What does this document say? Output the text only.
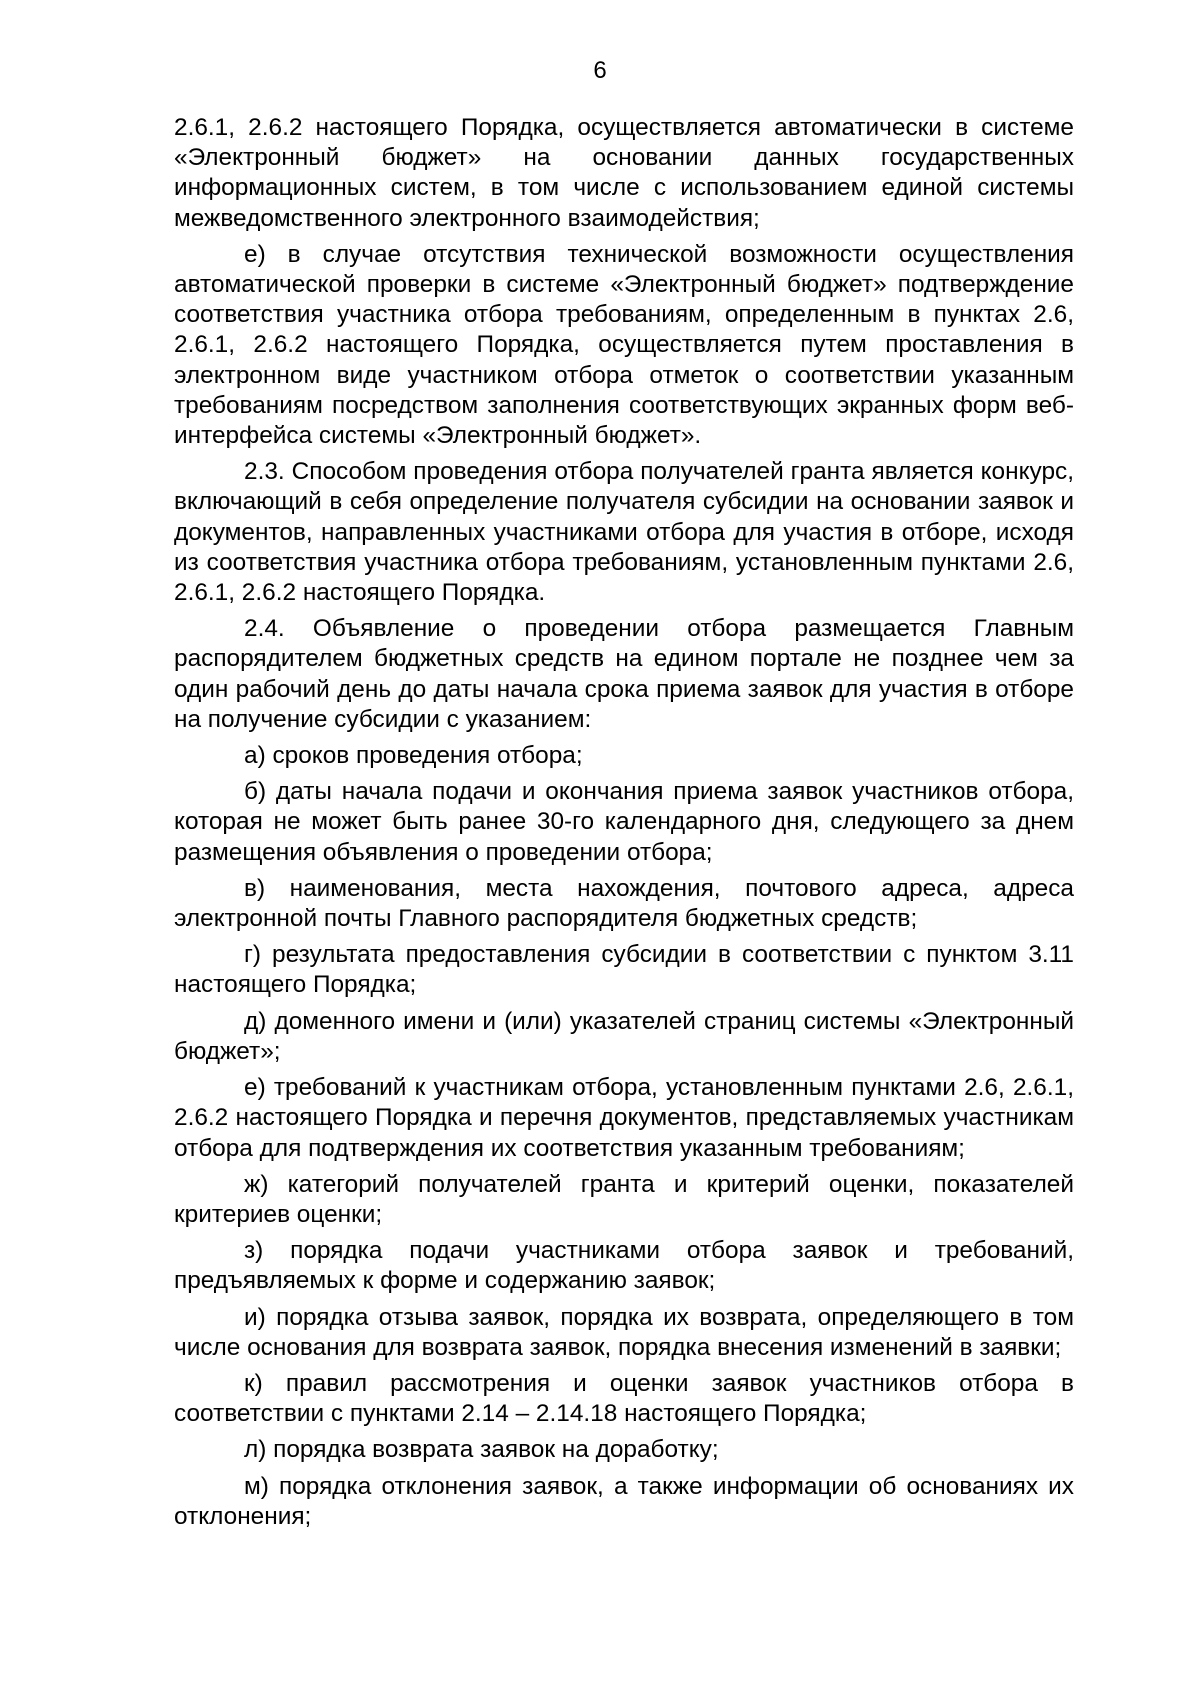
6

2.6.1, 2.6.2 настоящего Порядка, осуществляется автоматически в системе «Электронный бюджет» на основании данных государственных информационных систем, в том числе с использованием единой системы межведомственного электронного взаимодействия;

е) в случае отсутствия технической возможности осуществления автоматической проверки в системе «Электронный бюджет» подтверждение соответствия участника отбора требованиям, определенным в пунктах 2.6, 2.6.1, 2.6.2 настоящего Порядка, осуществляется путем проставления в электронном виде участником отбора отметок о соответствии указанным требованиям посредством заполнения соответствующих экранных форм веб-интерфейса системы «Электронный бюджет».

2.3. Способом проведения отбора получателей гранта является конкурс, включающий в себя определение получателя субсидии на основании заявок и документов, направленных участниками отбора для участия в отборе, исходя из соответствия участника отбора требованиям, установленным пунктами 2.6, 2.6.1, 2.6.2 настоящего Порядка.

2.4. Объявление о проведении отбора размещается Главным распорядителем бюджетных средств на едином портале не позднее чем за один рабочий день до даты начала срока приема заявок для участия в отборе на получение субсидии с указанием:

а) сроков проведения отбора;

б) даты начала подачи и окончания приема заявок участников отбора, которая не может быть ранее 30-го календарного дня, следующего за днем размещения объявления о проведении отбора;

в) наименования, места нахождения, почтового адреса, адреса электронной почты Главного распорядителя бюджетных средств;

г) результата предоставления субсидии в соответствии с пунктом 3.11 настоящего Порядка;

д) доменного имени и (или) указателей страниц системы «Электронный бюджет»;

е) требований к участникам отбора, установленным пунктами 2.6, 2.6.1, 2.6.2 настоящего Порядка и перечня документов, представляемых участникам отбора для подтверждения их соответствия указанным требованиям;

ж) категорий получателей гранта и критерий оценки, показателей критериев оценки;

з) порядка подачи участниками отбора заявок и требований, предъявляемых к форме и содержанию заявок;

и) порядка отзыва заявок, порядка их возврата, определяющего в том числе основания для возврата заявок, порядка внесения изменений в заявки;

к) правил рассмотрения и оценки заявок участников отбора в соответствии с пунктами 2.14 – 2.14.18 настоящего Порядка;

л) порядка возврата заявок на доработку;

м) порядка отклонения заявок, а также информации об основаниях их отклонения;
